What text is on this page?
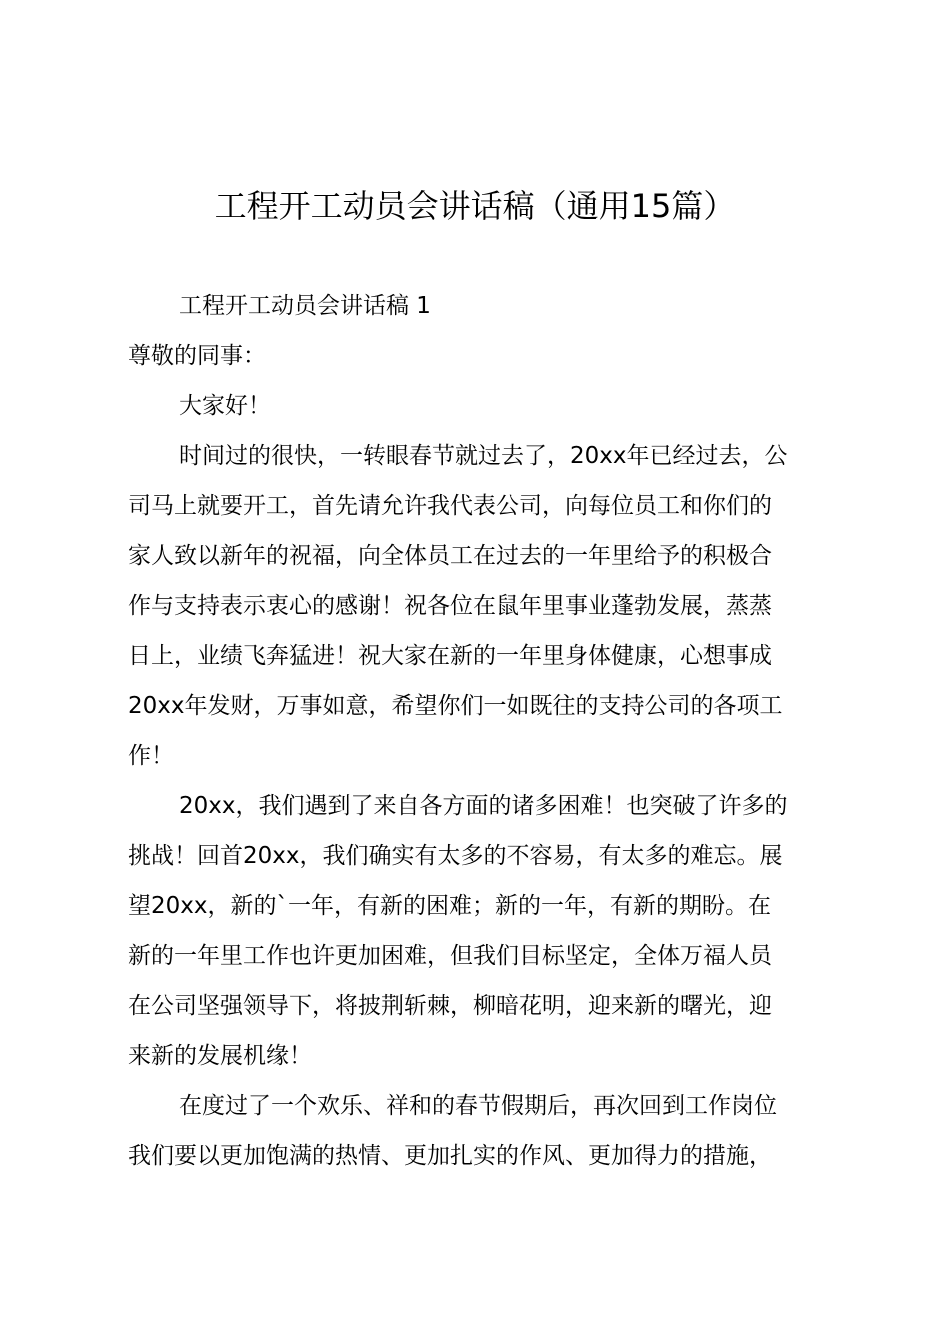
工程开工动员会讲话稿（通用15篇）

工程开工动员会讲话稿 1

尊敬的同事：

大家好！

时间过的很快，一转眼春节就过去了，20xx年已经过去，公

司马上就要开工，首先请允许我代表公司，向每位员工和你们的

家人致以新年的祝福，向全体员工在过去的一年里给予的积极合

作与支持表示衷心的感谢！祝各位在鼠年里事业蓬勃发展，蒸蒸

日上，业绩飞奔猛进！祝大家在新的一年里身体健康，心想事成

20xx年发财，万事如意，希望你们一如既往的支持公司的各项工

作！

20xx，我们遇到了来自各方面的诸多困难！也突破了许多的

挑战！回首20xx，我们确实有太多的不容易，有太多的难忘。展

望20xx，新的`一年，有新的困难；新的一年，有新的期盼。在

新的一年里工作也许更加困难，但我们目标坚定，全体万福人员

在公司坚强领导下，将披荆斩棘，柳暗花明，迎来新的曙光，迎

来新的发展机缘！

在度过了一个欢乐、祥和的春节假期后，再次回到工作岗位

我们要以更加饱满的热情、更加扎实的作风、更加得力的措施，
